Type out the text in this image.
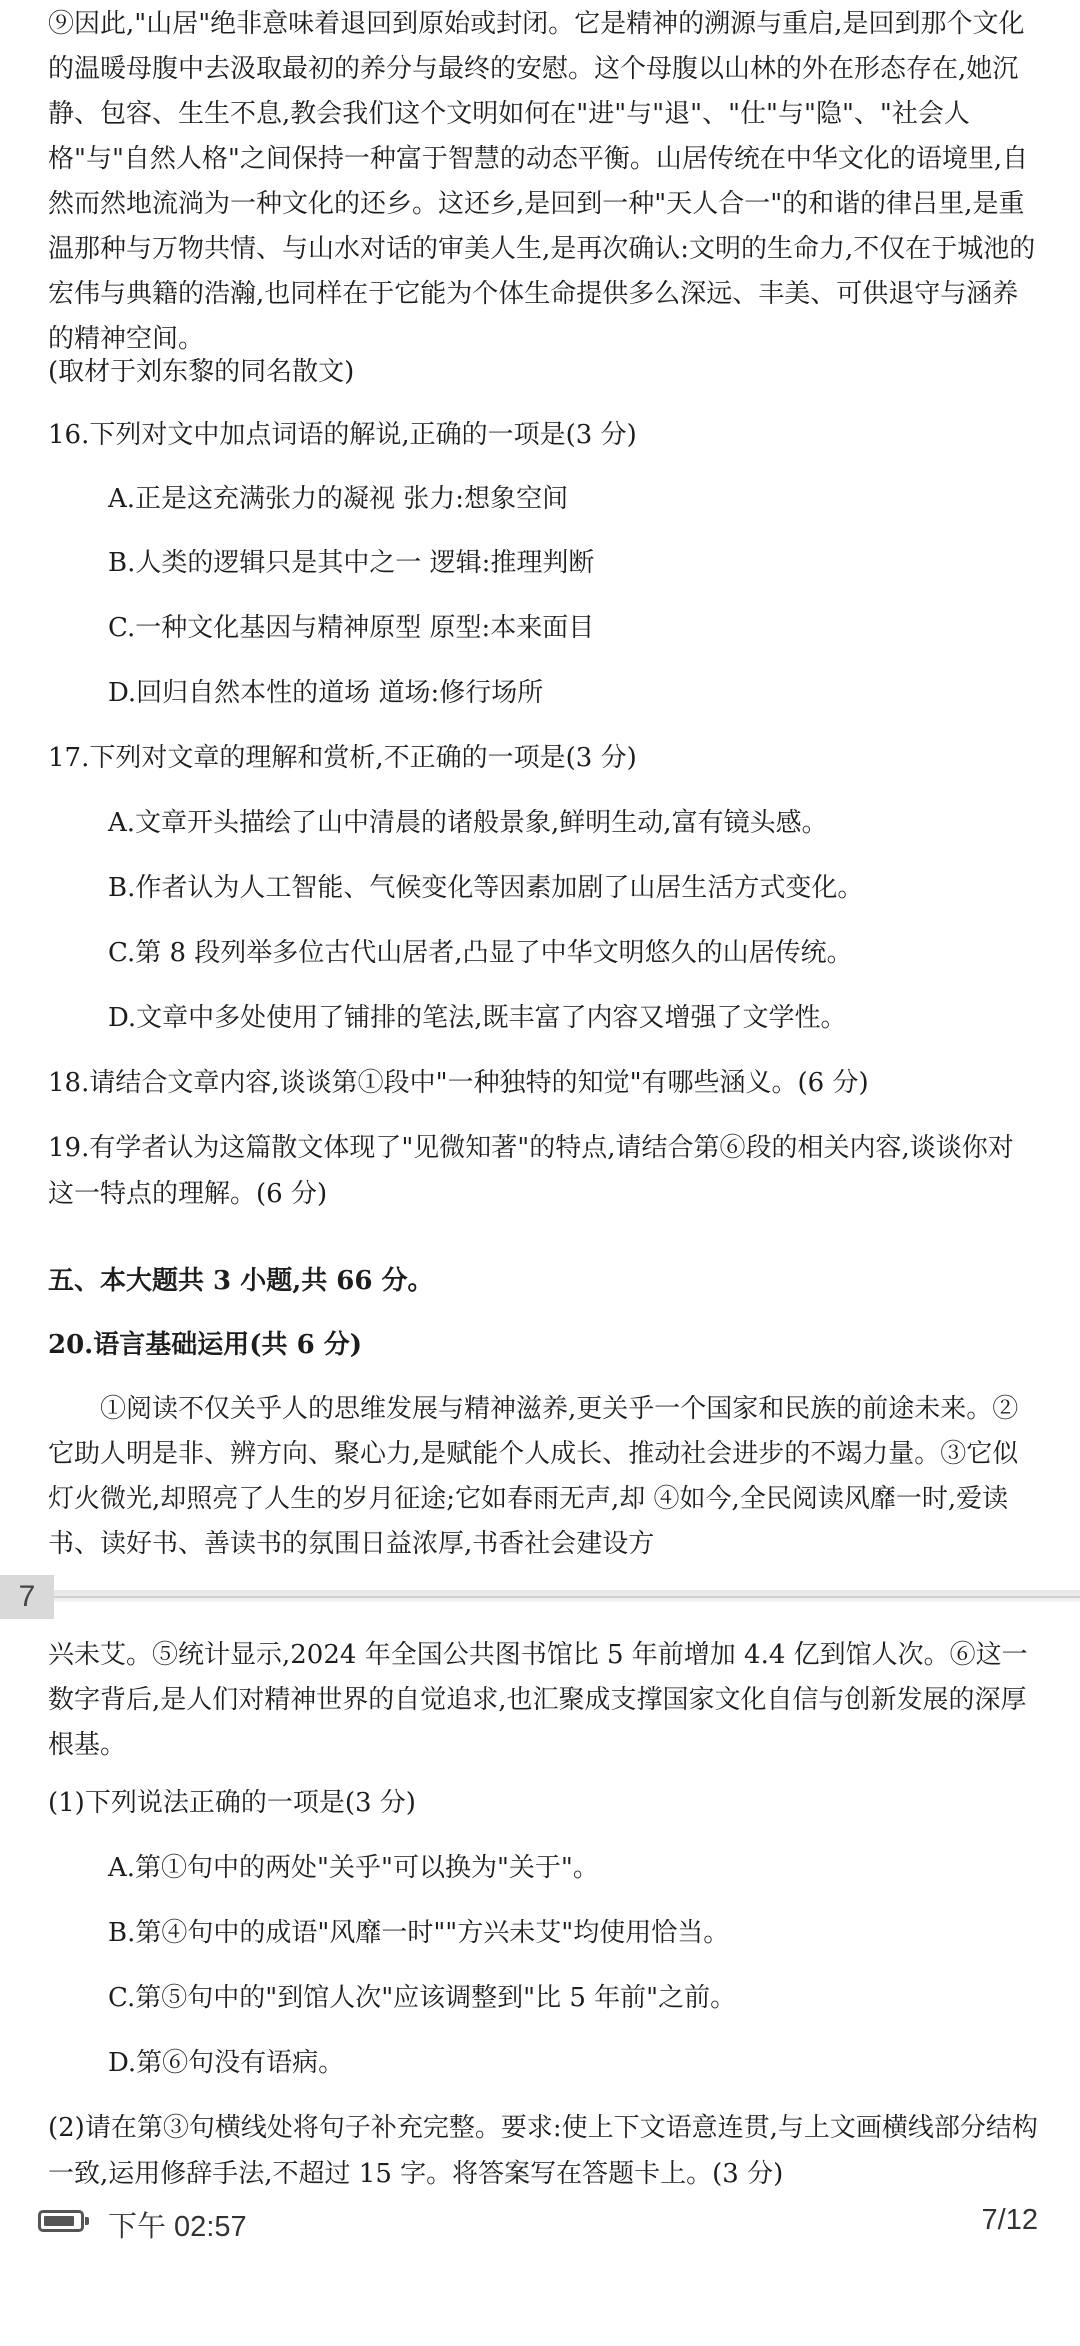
⑨因此,"山居"绝非意味着退回到原始或封闭。它是精神的溯源与重启,是回到那个文化的温暖母腹中去汲取最初的养分与最终的安慰。这个母腹以山林的外在形态存在,她沉静、包容、生生不息,教会我们这个文明如何在"进"与"退"、"仕"与"隐"、"社会人格"与"自然人格"之间保持一种富于智慧的动态平衡。山居传统在中华文化的语境里,自然而然地流淌为一种文化的还乡。这还乡,是回到一种"天人合一"的和谐的律吕里,是重温那种与万物共情、与山水对话的审美人生,是再次确认:文明的生命力,不仅在于城池的宏伟与典籍的浩瀚,也同样在于它能为个体生命提供多么深远、丰美、可供退守与涵养的精神空间。

(取材于刘东黎的同名散文)

16.下列对文中加点词语的解说,正确的一项是(3 分)

A.正是这充满张力的凝视 张力:想象空间

B.人类的逻辑只是其中之一 逻辑:推理判断

C.一种文化基因与精神原型 原型:本来面目

D.回归自然本性的道场 道场:修行场所

17.下列对文章的理解和赏析,不正确的一项是(3 分)

A.文章开头描绘了山中清晨的诸般景象,鲜明生动,富有镜头感。

B.作者认为人工智能、气候变化等因素加剧了山居生活方式变化。

C.第 8 段列举多位古代山居者,凸显了中华文明悠久的山居传统。

D.文章中多处使用了铺排的笔法,既丰富了内容又增强了文学性。

18.请结合文章内容,谈谈第①段中"一种独特的知觉"有哪些涵义。(6 分)

19.有学者认为这篇散文体现了"见微知著"的特点,请结合第⑥段的相关内容,谈谈你对这一特点的理解。(6 分)

五、本大题共 3 小题,共 66 分。

20.语言基础运用(共 6 分)

①阅读不仅关乎人的思维发展与精神滋养,更关乎一个国家和民族的前途未来。②它助人明是非、辨方向、聚心力,是赋能个人成长、推动社会进步的不竭力量。③它似灯火微光,却照亮了人生的岁月征途;它如春雨无声,却 ④如今,全民阅读风靡一时,爱读书、读好书、善读书的氛围日益浓厚,书香社会建设方

7

兴未艾。⑤统计显示,2024 年全国公共图书馆比 5 年前增加 4.4 亿到馆人次。⑥这一数字背后,是人们对精神世界的自觉追求,也汇聚成支撑国家文化自信与创新发展的深厚根基。

(1)下列说法正确的一项是(3 分)

A.第①句中的两处"关乎"可以换为"关于"。

B.第④句中的成语"风靡一时""方兴未艾"均使用恰当。

C.第⑤句中的"到馆人次"应该调整到"比 5 年前"之前。

D.第⑥句没有语病。

(2)请在第③句横线处将句子补充完整。要求:使上下文语意连贯,与上文画横线部分结构一致,运用修辞手法,不超过 15 字。将答案写在答题卡上。(3 分)

下午 02:57	7/12
